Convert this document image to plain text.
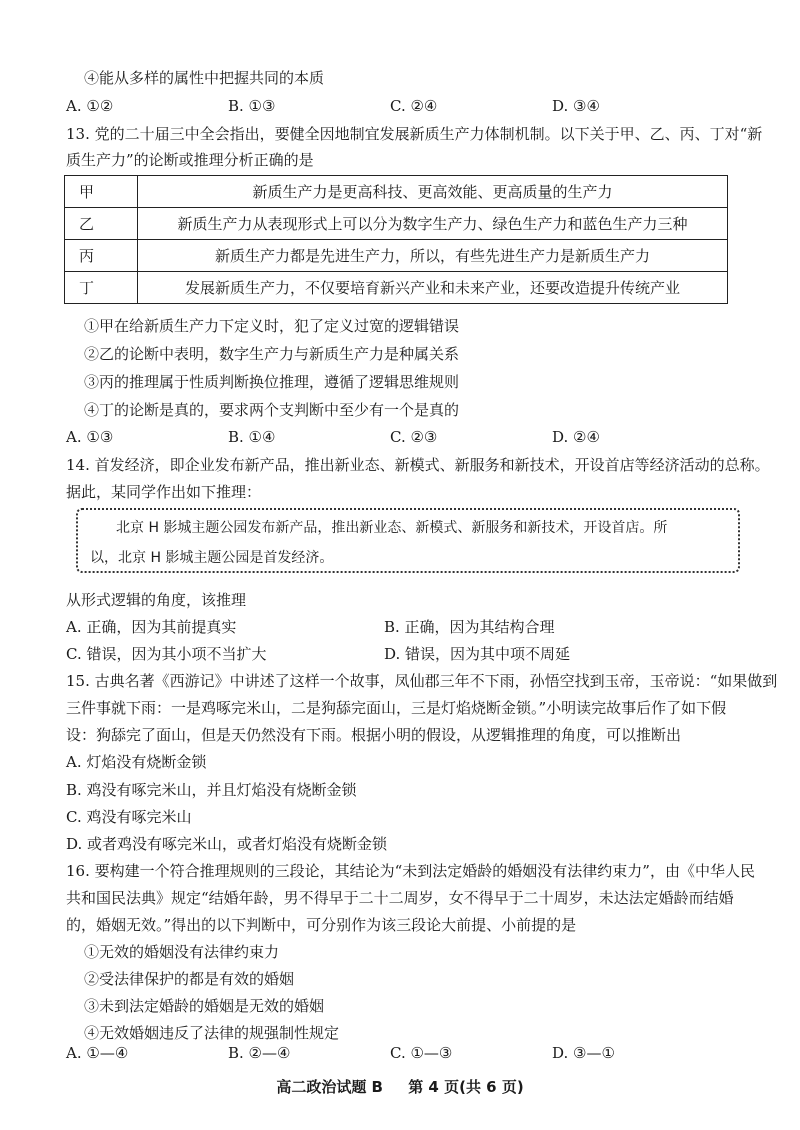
④能从多样的属性中把握共同的本质
A. ①②	B. ①③	C. ②④	D. ③④
13. 党的二十届三中全会指出，要健全因地制宜发展新质生产力体制机制。以下关于甲、乙、丙、丁对“新
质生产力”的论断或推理分析正确的是
甲	新质生产力是更高科技、更高效能、更高质量的生产力
乙	新质生产力从表现形式上可以分为数字生产力、绿色生产力和蓝色生产力三种
丙	新质生产力都是先进生产力，所以，有些先进生产力是新质生产力
丁	发展新质生产力，不仅要培育新兴产业和未来产业，还要改造提升传统产业
①甲在给新质生产力下定义时，犯了定义过宽的逻辑错误
②乙的论断中表明，数字生产力与新质生产力是种属关系
③丙的推理属于性质判断换位推理，遵循了逻辑思维规则
④丁的论断是真的，要求两个支判断中至少有一个是真的
A. ①③	B. ①④	C. ②③	D. ②④
14. 首发经济，即企业发布新产品，推出新业态、新模式、新服务和新技术，开设首店等经济活动的总称。
据此，某同学作出如下推理：

北京 H 影城主题公园发布新产品，推出新业态、新模式、新服务和新技术，开设首店。所

以，北京 H 影城主题公园是首发经济。

从形式逻辑的角度，该推理
A. 正确，因为其前提真实	B. 正确，因为其结构合理
C. 错误，因为其小项不当扩大	D. 错误，因为其中项不周延
15. 古典名著《西游记》中讲述了这样一个故事，凤仙郡三年不下雨，孙悟空找到玉帝，玉帝说：“如果做到
三件事就下雨：一是鸡啄完米山，二是狗舔完面山，三是灯焰烧断金锁。”小明读完故事后作了如下假
设：狗舔完了面山，但是天仍然没有下雨。根据小明的假设，从逻辑推理的角度，可以推断出
A. 灯焰没有烧断金锁
B. 鸡没有啄完米山，并且灯焰没有烧断金锁
C. 鸡没有啄完米山
D. 或者鸡没有啄完米山，或者灯焰没有烧断金锁
16. 要构建一个符合推理规则的三段论，其结论为“未到法定婚龄的婚姻没有法律约束力”，由《中华人民
共和国民法典》规定“结婚年龄，男不得早于二十二周岁，女不得早于二十周岁，未达法定婚龄而结婚
的，婚姻无效。”得出的以下判断中，可分别作为该三段论大前提、小前提的是
①无效的婚姻没有法律约束力
②受法律保护的都是有效的婚姻
③未到法定婚龄的婚姻是无效的婚姻
④无效婚姻违反了法律的规强制性规定
A. ①—④	B. ②—④	C. ①—③	D. ③—①
高二政治试题 B 第 4 页(共 6 页)
